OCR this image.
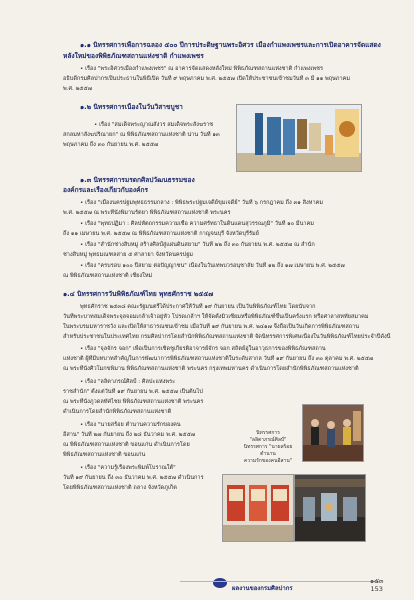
๑.๑ นิทรรศการเพื่อการฉลอง ๕๐๐ ปีการประดิษฐานพระอิศวร เมืองกำแพงเพชรและการเปิดอาคารจัดแสดง
หลังใหม่ของพิพิธภัณฑสถานแห่งชาติ กำแพงเพชร
• เรื่อง "พระอิศวรเมืองกำแพงเพชร" ณ อาคารจัดแสดงหลังใหม่ พิพิธภัณฑสถานแห่งชาติ กำแพงเพชร
อธิบดีกรมศิลปากรเป็นประธานในพิธีเปิด วันที่ ๙ พฤษภาคม พ.ศ. ๒๕๕๗ เปิดให้ประชาชนเข้าชมวันที่ ๓ มี ๑๑ พฤษภาคม
พ.ศ. ๒๕๕๗
๑.๒ นิทรรศการเนื่องในวันวิสาขบูชา
• เรื่อง "สมเด็จพระญาณสังวร สมเด็จพระสังฆราช
สกลมหาสังฆปริณายก" ณ พิพิธภัณฑสถานแห่งชาติ น่าน วันที่ ๑๓
พฤษภาคม ถึง ๓๐ กันยายน พ.ศ. ๒๕๕๗
๑.๓ นิทรรศการมรดกศิลปวัฒนธรรมของ
องค์กรและเรื่องเกี่ยวกับองค์กร
• เรื่อง "เมืองนครปฐมพุทธธรรมกลาง : พิพิธพระปฐมเจดีย์ขุมเจดีย์" วันที่ ๖ กรกฎาคม ถึง ๓๑ สิงหาคม
พ.ศ. ๒๕๕๗ ณ พระที่นั่งพิมานรัตยา พิพิธภัณฑสถานแห่งชาติ พระนคร
• เรื่อง "พุทธปฏิมา : ศิลปหัตถกรรมความเชื่อ ความศรัทธาในดินแดนสุวรรณภูมิ" วันที่ ๑๐ มีนาคม
ถึง ๑๑ เมษายน พ.ศ. ๒๕๕๗ ณ พิพิธภัณฑสถานแห่งชาติ กาญจนบุรี จังหวัดบุรีรัมย์
• เรื่อง "สำนักช่างสิบหมู่ สร้างศิลป์สู่แผ่นดินสยาม" วันที่ ๒๒ ถึง ๓๐ กันยายน พ.ศ. ๒๕๕๗ ณ สำนัก
ช่างสิบหมู่ พุทธมณฑลสาย ๕ ศาลายา จังหวัดนครปฐม
• เรื่อง "ครบรอบ ๑๐๐ ปีสยาม ต่อปัญญาชน" เนื่องในวันเทพบวรอนุชาลัย วันที่ ๑๒ ถึง ๑๗ เมษายน พ.ศ. ๒๕๕๗
ณ พิพิธภัณฑสถานแห่งชาติ เชียงใหม่
๑.๔ นิทรรศการวันพิพิธภัณฑ์ไทย พุทธศักราช ๒๕๕๗
พุทธศักราช ๒๕๓๘ คณะรัฐมนตรีได้ประกาศให้วันที่ ๑๙ กันยายน เป็นวันพิพิธภัณฑ์ไทย โดยนับจาก
วันที่พระบาทสมเด็จพระจุลจอมเกล้าเจ้าอยู่หัว โปรดเกล้าฯ ให้จัดตั้งมิวเซียมหรือพิพิธภัณฑ์ขึ้นเป็นครั้งแรก หรือศาลาสหทัยสมาคม
ในพระบรมมหาราชวัง และเปิดให้สาธารณชนเข้าชม เมื่อวันที่ ๑๙ กันยายน พ.ศ. ๒๔๑๗ จึงถือเป็นวันเกิดการพิพิธภัณฑสถาน
สำหรับประชาชนในประเทศไทย กรมศิลปากรโดยสำนักพิพิธภัณฑสถานแห่งชาติ จัดนิทรรศการพิเศษเนื่องในวันพิพิธภัณฑ์ไทยประจำปีดังนี้
• เรื่อง "จุลจักร จอก" เพื่อเป็นการเชิดชูเกียรติอาจารย์จักร จอก สถิตย์อู่ในอาวุธการของพิพิธภัณฑสถาน
แห่งชาติ ผู้ที่มีบทบาทสำคัญในการพัฒนาการพิพิธภัณฑสถานแห่งชาติในระดับสากล วันที่ ๑๙ กันยายน ถึง ๓๐ ตุลาคม พ.ศ. ๒๕๕๗
ณ พระที่นั่งศิวโมกขพิมาน พิพิธภัณฑสถานแห่งชาติ พระนคร กรุงเทพมหานคร ดำเนินการโดยสำนักพิพิธภัณฑสถานแห่งชาติ
• เรื่อง "ลลิตาภรณ์ศิลป์ : ศิลปะแห่งพระ
ราชสำนัก" ตั้งแต่วันที่ ๑๙ กันยายน พ.ศ. ๒๕๕๗ เป็นต้นไป
ณ พระที่นั่งภูวดลทัศไชย พิพิธภัณฑสถานแห่งชาติ พระนคร
ดำเนินการโดยสำนักพิพิธภัณฑสถานแห่งชาติ
• เรื่อง "นายสร้อย ตำนานความรักของคน
อีสาน" วันที่ ๒๗ กันยายน ถึง ๒๘ ธันวาคม พ.ศ. ๒๕๕๗
ณ พิพิธภัณฑสถานแห่งชาติ ขอนแก่น ดำเนินการโดย
พิพิธภัณฑสถานแห่งชาติ ขอนแก่น
• เรื่อง "ความรู้เรื่องพระพิมพ์โบราณใต้"
วันที่ ๑๙ กันยายน ถึง ๓๐ ธันวาคม พ.ศ. ๒๕๕๗ ดำเนินการ
โดยพิพิธภัณฑสถานแห่งชาติ ถลาง จังหวัดภูเก็ต
นิทรรศการ
"ลลิตาภรณ์ศิลป์"
นิทรรศการ "นายสร้อย
ตำนาน
ความรักของคนอีสาน"
ผลงานของกรมศิลปากร
๑๕๓
153
